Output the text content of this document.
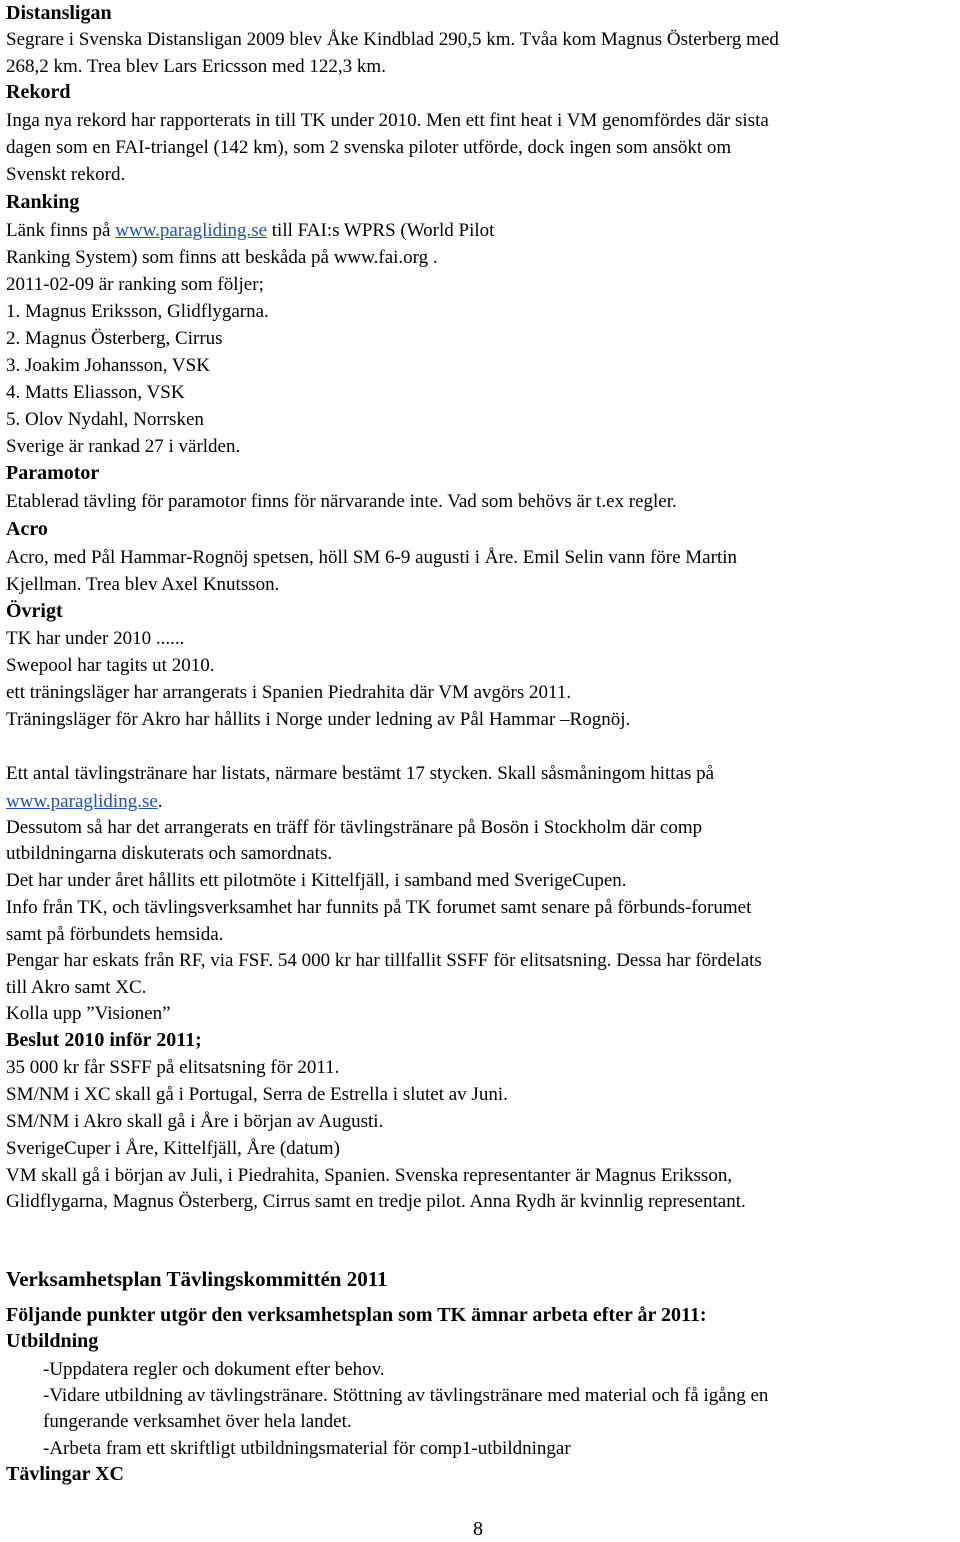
Distansligan
Segrare i Svenska Distansligan 2009 blev Åke Kindblad 290,5 km. Tvåa kom Magnus Österberg med
268,2 km. Trea blev Lars Ericsson med 122,3 km.
Rekord
Inga nya rekord har rapporterats in till TK under 2010. Men ett fint heat i VM genomfördes där sista
dagen som en FAI-triangel (142 km), som 2 svenska piloter utförde, dock ingen som ansökt om
Svenskt rekord.
Ranking
Länk finns på www.paragliding.se till FAI:s WPRS (World Pilot
Ranking System) som finns att beskåda på www.fai.org .
2011-02-09 är ranking som följer;
1. Magnus Eriksson, Glidflygarna.
2. Magnus Österberg, Cirrus
3. Joakim Johansson, VSK
4. Matts Eliasson, VSK
5. Olov Nydahl, Norrsken
Sverige är rankad 27 i världen.
Paramotor
Etablerad tävling för paramotor finns för närvarande inte. Vad som behövs är t.ex regler.
Acro
Acro, med Pål Hammar-Rognöj spetsen, höll SM 6-9 augusti i Åre. Emil Selin vann före Martin
Kjellman. Trea blev Axel Knutsson.
Övrigt
TK har under 2010 ......
Swepool har tagits ut 2010.
ett träningsläger har arrangerats i Spanien Piedrahita där VM avgörs 2011.
Träningsläger för Akro har hållits i Norge under ledning av Pål Hammar –Rognöj.
Ett antal tävlingstränare har listats, närmare bestämt 17 stycken. Skall såsmåningom hittas på
www.paragliding.se.
Dessutom så har det arrangerats en träff för tävlingstränare på Bosön i Stockholm där comp
utbildningarna diskuterats och samordnats.
Det har under året hållits ett pilotmöte i Kittelfjäll, i samband med SverigeCupen.
Info från TK, och tävlingsverksamhet har funnits på TK forumet samt senare på förbunds-forumet
samt på förbundets hemsida.
Pengar har eskats från RF, via FSF. 54 000 kr har tillfallit SSFF för elitsatsning. Dessa har fördelats
till Akro samt XC.
Kolla upp ”Visionen”
Beslut 2010 inför 2011;
35 000 kr får SSFF på elitsatsning för 2011.
SM/NM i XC skall gå i Portugal, Serra de Estrella i slutet av Juni.
SM/NM i Akro skall gå i Åre i början av Augusti.
SverigeCuper i Åre, Kittelfjäll, Åre (datum)
VM skall gå i början av Juli, i Piedrahita, Spanien. Svenska representanter är Magnus Eriksson,
Glidflygarna, Magnus Österberg, Cirrus samt en tredje pilot. Anna Rydh är kvinnlig representant.
Verksamhetsplan Tävlingskommittén 2011
Följande punkter utgör den verksamhetsplan som TK ämnar arbeta efter år 2011:
Utbildning
-Uppdatera regler och dokument efter behov.
-Vidare utbildning av tävlingstränare. Stöttning av tävlingstränare med material och få igång en
fungerande verksamhet över hela landet.
-Arbeta fram ett skriftligt utbildningsmaterial för comp1-utbildningar
Tävlingar XC
8
